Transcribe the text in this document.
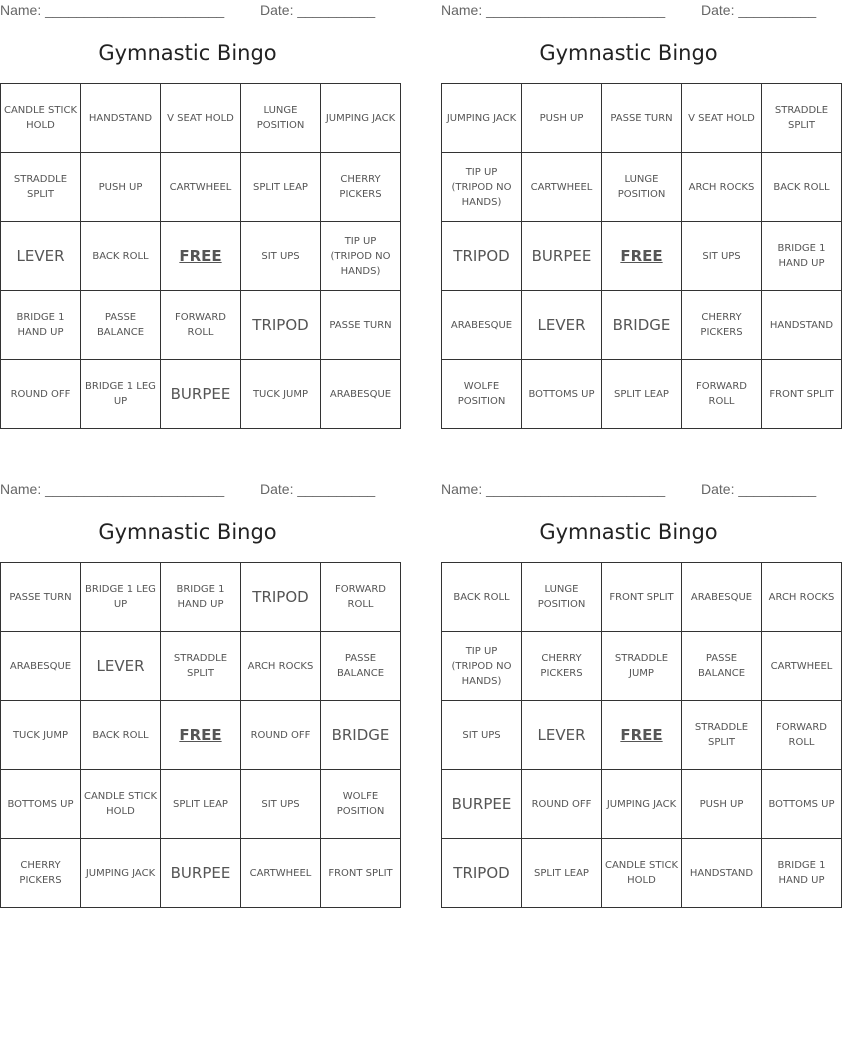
Name: _______________________	Date: __________
Gymnastic Bingo
CANDLE STICK HOLD	HANDSTAND	V SEAT HOLD	LUNGE POSITION	JUMPING JACK
STRADDLE SPLIT	PUSH UP	CARTWHEEL	SPLIT LEAP	CHERRY PICKERS
LEVER	BACK ROLL	FREE	SIT UPS	TIP UP (TRIPOD NO HANDS)
BRIDGE 1 HAND UP	PASSE BALANCE	FORWARD ROLL	TRIPOD	PASSE TURN
ROUND OFF	BRIDGE 1 LEG UP	BURPEE	TUCK JUMP	ARABESQUE
Name: _______________________	Date: __________
Gymnastic Bingo
JUMPING JACK	PUSH UP	PASSE TURN	V SEAT HOLD	STRADDLE SPLIT
TIP UP (TRIPOD NO HANDS)	CARTWHEEL	LUNGE POSITION	ARCH ROCKS	BACK ROLL
TRIPOD	BURPEE	FREE	SIT UPS	BRIDGE 1 HAND UP
ARABESQUE	LEVER	BRIDGE	CHERRY PICKERS	HANDSTAND
WOLFE POSITION	BOTTOMS UP	SPLIT LEAP	FORWARD ROLL	FRONT SPLIT
Name: _______________________	Date: __________
Gymnastic Bingo
PASSE TURN	BRIDGE 1 LEG UP	BRIDGE 1 HAND UP	TRIPOD	FORWARD ROLL
ARABESQUE	LEVER	STRADDLE SPLIT	ARCH ROCKS	PASSE BALANCE
TUCK JUMP	BACK ROLL	FREE	ROUND OFF	BRIDGE
BOTTOMS UP	CANDLE STICK HOLD	SPLIT LEAP	SIT UPS	WOLFE POSITION
CHERRY PICKERS	JUMPING JACK	BURPEE	CARTWHEEL	FRONT SPLIT
Name: _______________________	Date: __________
Gymnastic Bingo
BACK ROLL	LUNGE POSITION	FRONT SPLIT	ARABESQUE	ARCH ROCKS
TIP UP (TRIPOD NO HANDS)	CHERRY PICKERS	STRADDLE JUMP	PASSE BALANCE	CARTWHEEL
SIT UPS	LEVER	FREE	STRADDLE SPLIT	FORWARD ROLL
BURPEE	ROUND OFF	JUMPING JACK	PUSH UP	BOTTOMS UP
TRIPOD	SPLIT LEAP	CANDLE STICK HOLD	HANDSTAND	BRIDGE 1 HAND UP
